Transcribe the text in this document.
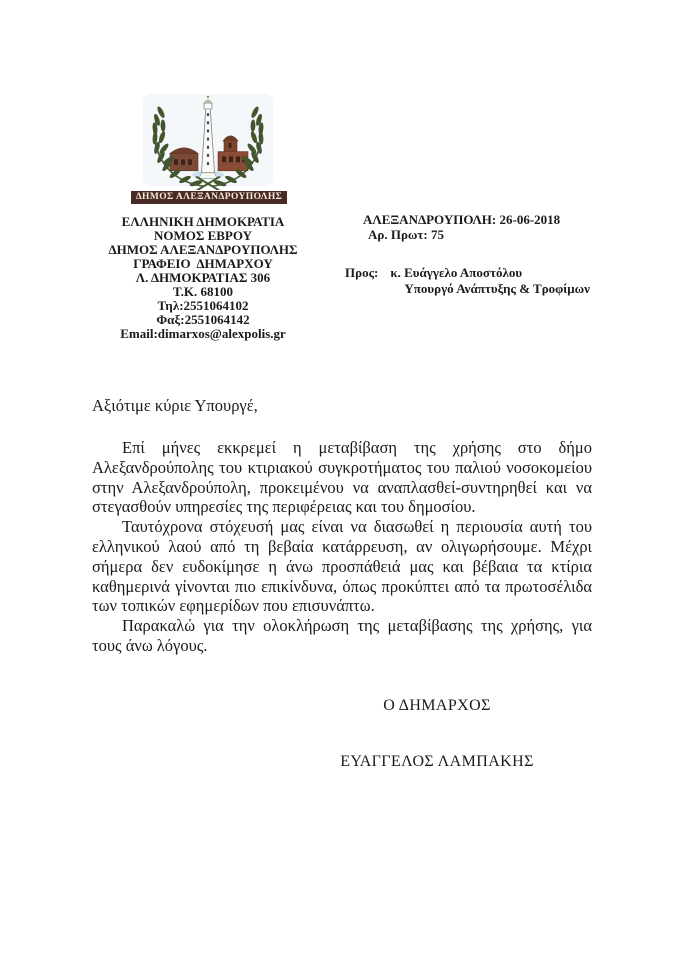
ΔΗΜΟΣ ΑΛΕΞΑΝΔΡΟΥΠΟΛΗΣ
ΕΛΛΗΝΙΚΗ ΔΗΜΟΚΡΑΤΙΑ
ΝΟΜΟΣ ΕΒΡΟΥ
ΔΗΜΟΣ ΑΛΕΞΑΝΔΡΟΥΠΟΛΗΣ
ΓΡΑΦΕΙΟ  ΔΗΜΑΡΧΟΥ
Λ. ΔΗΜΟΚΡΑΤΙΑΣ 306
Τ.Κ. 68100
Τηλ:2551064102
Φαξ:2551064142
Email:dimarxos@alexpolis.gr
ΑΛΕΞΑΝΔΡΟΥΠΟΛΗ: 26-06-2018
Αρ. Πρωτ: 75
Προς: κ. Ευάγγελο Αποστόλου
Υπουργό Ανάπτυξης & Τροφίμων
Αξιότιμε κύριε Υπουργέ,

Επί μήνες εκκρεμεί η μεταβίβαση της χρήσης στο δήμο Αλεξανδρούπολης του κτιριακού συγκροτήματος του παλιού νοσοκομείου στην Αλεξανδρούπολη, προκειμένου να αναπλασθεί-συντηρηθεί και να στεγασθούν υπηρεσίες της περιφέρειας και του δημοσίου.

Ταυτόχρονα στόχευσή μας είναι να διασωθεί η περιουσία αυτή του ελληνικού λαού από τη βεβαία κατάρρευση, αν ολιγωρήσουμε. Μέχρι σήμερα δεν ευδοκίμησε η άνω προσπάθειά μας και βέβαια τα κτίρια καθημερινά γίνονται πιο επικίνδυνα, όπως προκύπτει από τα πρωτοσέλιδα των τοπικών εφημερίδων που επισυνάπτω.

Παρακαλώ για την ολοκλήρωση της μεταβίβασης της χρήσης, για τους άνω λόγους.

Ο ΔΗΜΑΡΧΟΣ
ΕΥΑΓΓΕΛΟΣ ΛΑΜΠΑΚΗΣ
